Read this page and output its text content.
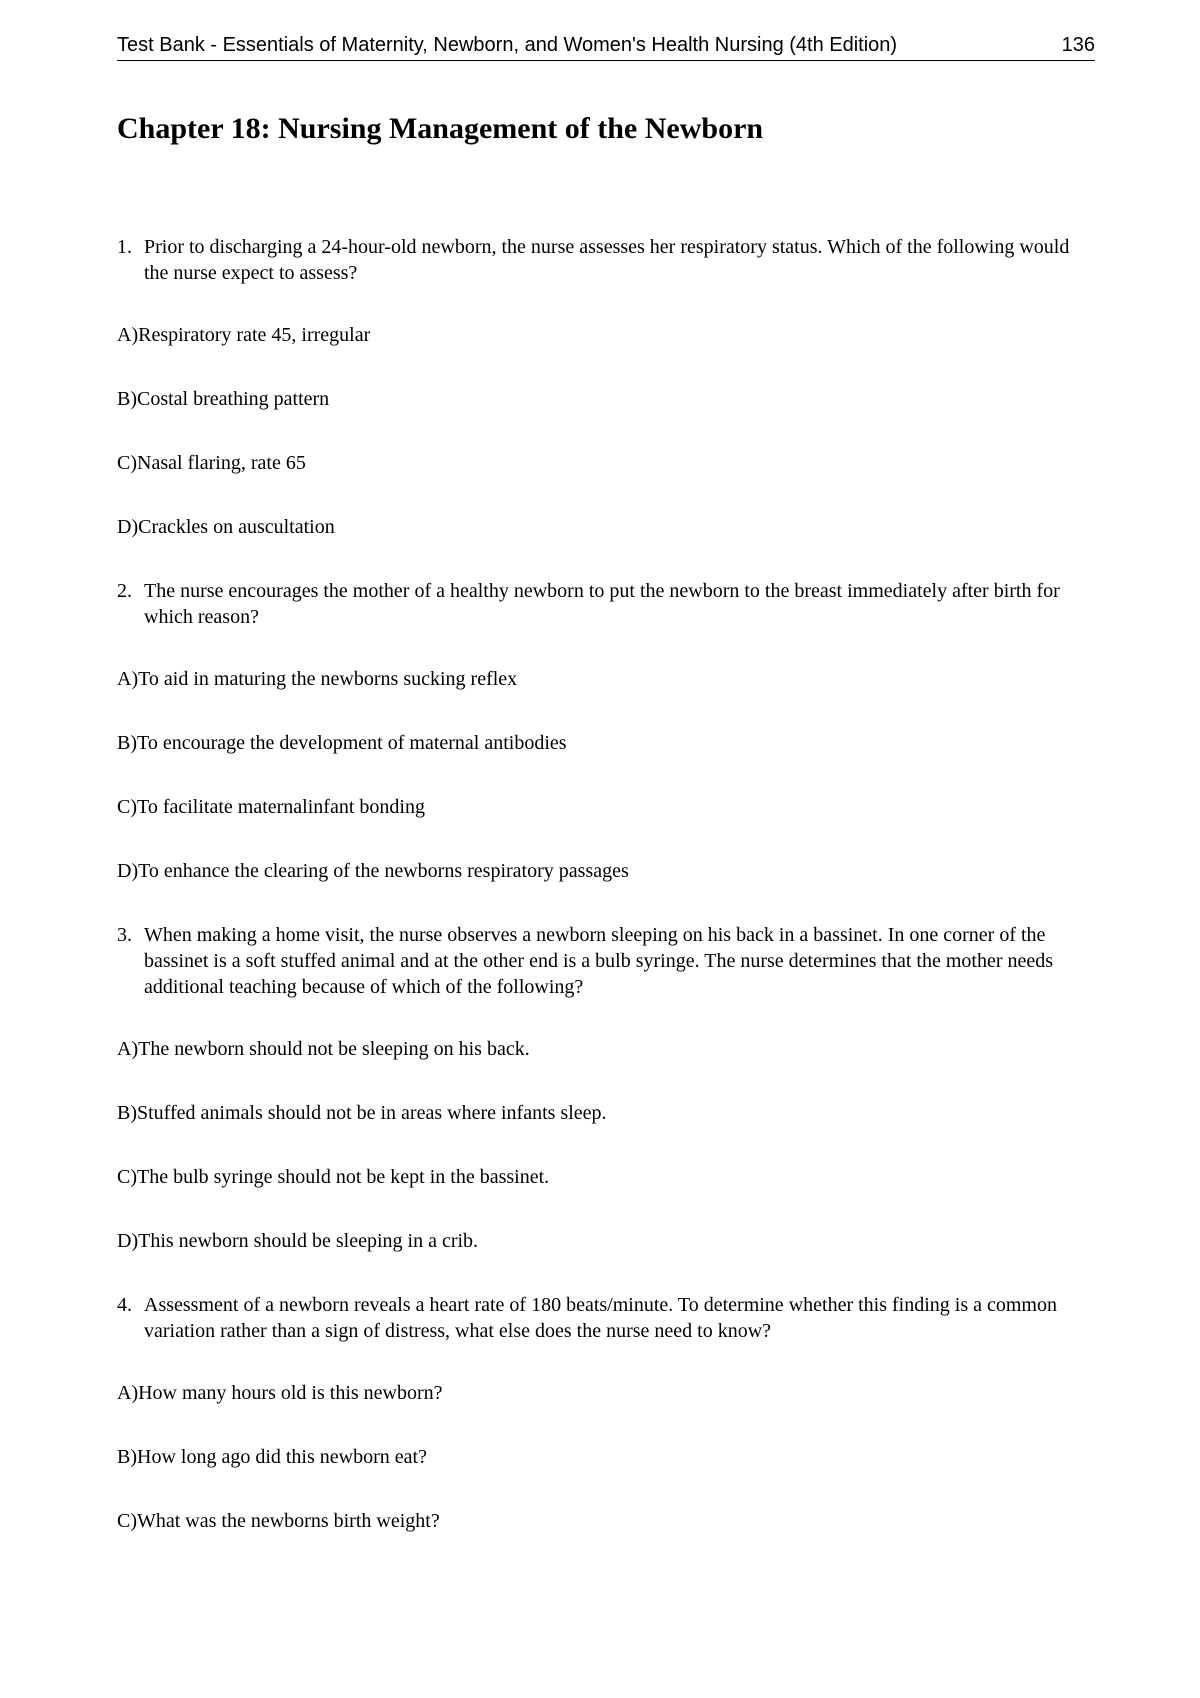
Test Bank - Essentials of Maternity, Newborn, and Women's Health Nursing (4th Edition)	136
Chapter 18: Nursing Management of the Newborn
1. Prior to discharging a 24-hour-old newborn, the nurse assesses her respiratory status. Which of the following would the nurse expect to assess?

A)Respiratory rate 45, irregular

B)Costal breathing pattern

C)Nasal flaring, rate 65

D)Crackles on auscultation

2. The nurse encourages the mother of a healthy newborn to put the newborn to the breast immediately after birth for which reason?

A)To aid in maturing the newborns sucking reflex

B)To encourage the development of maternal antibodies

C)To facilitate maternalinfant bonding

D)To enhance the clearing of the newborns respiratory passages

3. When making a home visit, the nurse observes a newborn sleeping on his back in a bassinet. In one corner of the bassinet is a soft stuffed animal and at the other end is a bulb syringe. The nurse determines that the mother needs additional teaching because of which of the following?

A)The newborn should not be sleeping on his back.

B)Stuffed animals should not be in areas where infants sleep.

C)The bulb syringe should not be kept in the bassinet.

D)This newborn should be sleeping in a crib.

4. Assessment of a newborn reveals a heart rate of 180 beats/minute. To determine whether this finding is a common variation rather than a sign of distress, what else does the nurse need to know?

A)How many hours old is this newborn?

B)How long ago did this newborn eat?

C)What was the newborns birth weight?
